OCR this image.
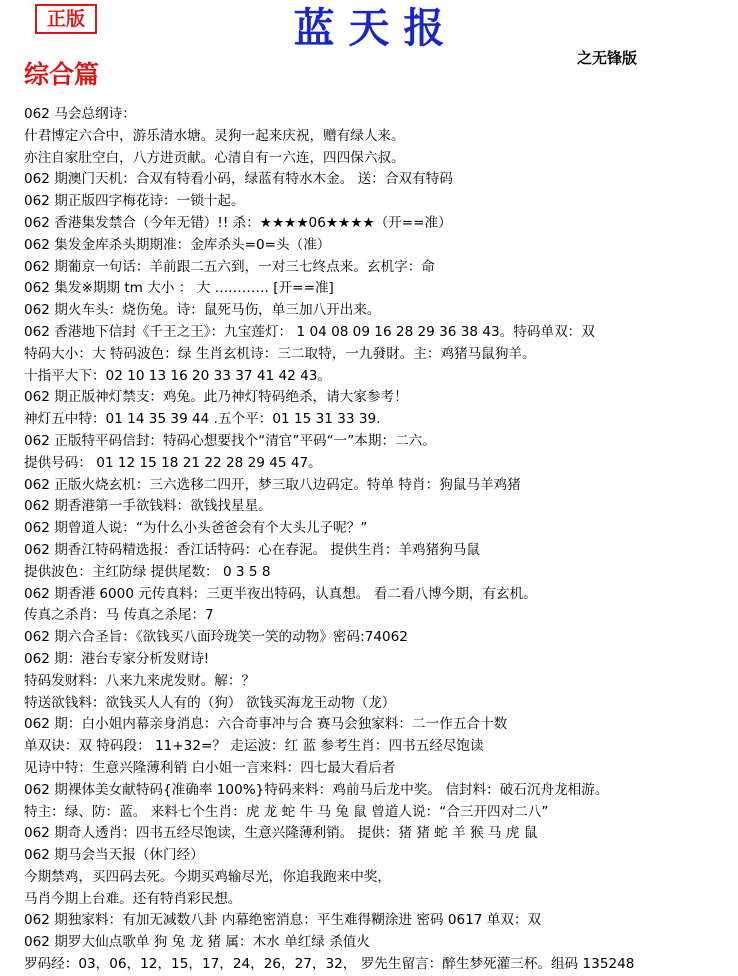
正版	蓝天报
之无锋版
综合篇
062 马会总纲诗：
什君博定六合中，游乐清水塘。灵狗一起来庆祝，赠有绿人来。
亦注自家肚空白，八方进贡献。心清自有一六连，四四保六叔。
062 期澳门天机：合双有特看小码，绿蓝有特水木金。 送：合双有特码
062 期正版四字梅花诗：一锁十起。
062 香港集发禁合（今年无错）!! 杀：★★★★06★★★★（开==准）
062 集发金库杀头期期准：金库杀头=0=头（准）
062 期葡京一句话：羊前跟二五六到，一对三七终点来。玄机字：命
062 集发※期期 tm 大小 ： 大 ………… [开==准]
062 期火车头：烧伤兔。诗：鼠死马伤，单三加八开出来。
062 香港地下信封《千王之王》：九宝莲灯： 1 04 08 09 16 28 29 36 38 43。特码单双：双
特码大小：大 特码波色：绿 生肖玄机诗：三二取特，一九發財。主：鸡猪马鼠狗羊。
十指平大下：02 10 13 16 20 33 37 41 42 43。
062 期正版神灯禁支：鸡兔。此乃神灯特码绝杀，请大家参考！
神灯五中特：01 14 35 39 44 .五个平：01 15 31 33 39.
062 正版特平码信封：特码心想要找个“清官”平码“一”本期：二六。
提供号码： 01 12 15 18 21 22 28 29 45 47。
062 正版火烧玄机：三六选移二四开，梦三取八边码定。特单 特肖：狗鼠马羊鸡猪
062 期香港第一手欲钱料：欲钱找星星。
062 期曾道人说：“为什么小头爸爸会有个大头儿子呢？”
062 期香江特码精选报：香江话特码：心在春泥。 提供生肖：羊鸡猪狗马鼠
提供波色：主红防绿 提供尾数： 0 3 5 8
062 期香港 6000 元传真料：三更半夜出特码，认真想。 看二看八博今期，有玄机。
传真之杀肖：马 传真之杀尾：7
062 期六合圣旨：《欲钱买八面玲珑笑一笑的动物》密码:74062
062 期：港台专家分析发财诗!
特码发财料：八来九来虎发财。解：？
特送欲钱料：欲钱买人人有的（狗） 欲钱买海龙王动物（龙）
062 期：白小姐内幕亲身消息：六合奇事冲与合 赛马会独家料：二一作五合十数
单双诀：双 特码段： 11+32=？ 走运波：红 蓝 参考生肖：四书五经尽饱读
见诗中特：生意兴隆薄利销 白小姐一言来料：四七最大看后者
062 期裸体美女献特码{准确率 100%}特码来料：鸡前马后龙中奖。 信封料：破石沉舟龙相游。
特主：绿、防：蓝。 来料七个生肖：虎 龙 蛇 牛 马 兔 鼠 曾道人说：“合三开四对二八”
062 期奇人透肖：四书五经尽饱读，生意兴隆薄利销。 提供：猪 猪 蛇 羊 猴 马 虎 鼠
062 期马会当天报（休门经）
今期禁鸡，买四码去死。今期买鸡输尽光，你追我跑来中奖，
马肖今期上台难。还有特肖彩民想。
062 期独家料：有加无减数八卦 内幕绝密消息：平生难得糊涂进 密码 0617 单双：双
062 期罗大仙点歌单 狗 兔 龙 猪 属：木水 单红绿 杀值火
罗码经：03，06，12，15，17，24，26，27，32， 罗先生留言：醉生梦死灌三杯。组码 135248
